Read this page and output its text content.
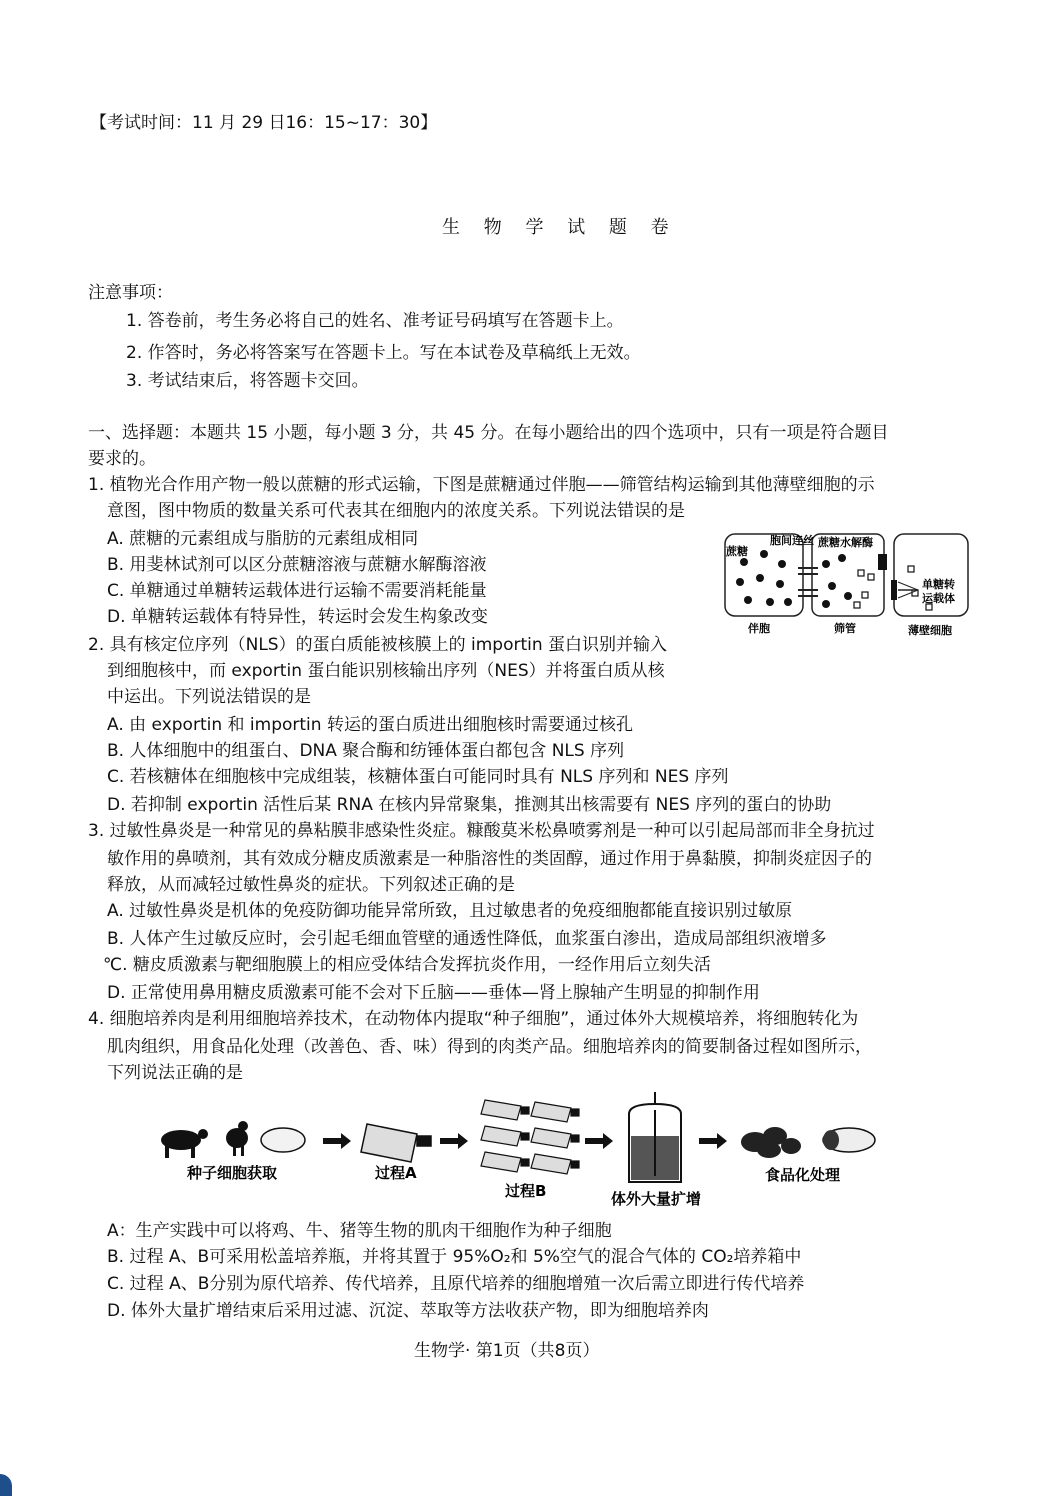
【考试时间：11 月 29 日16：15~17：30】
生 物 学 试 题 卷
注意事项：
1. 答卷前，考生务必将自己的姓名、准考证号码填写在答题卡上。
2. 作答时，务必将答案写在答题卡上。写在本试卷及草稿纸上无效。
3. 考试结束后，将答题卡交回。
一、选择题：本题共 15 小题，每小题 3 分，共 45 分。在每小题给出的四个选项中，只有一项是符合题目
要求的。
1. 植物光合作用产物一般以蔗糖的形式运输，下图是蔗糖通过伴胞——筛管结构运输到其他薄壁细胞的示
意图，图中物质的数量关系可代表其在细胞内的浓度关系。下列说法错误的是
A. 蔗糖的元素组成与脂肪的元素组成相同
B. 用斐林试剂可以区分蔗糖溶液与蔗糖水解酶溶液
C. 单糖通过单糖转运载体进行运输不需要消耗能量
D. 单糖转运载体有特异性，转运时会发生构象改变
蔗糖
胞间连丝 蔗糖水解酶
单糖转
运载体
伴胞	筛管	薄壁细胞
2. 具有核定位序列（NLS）的蛋白质能被核膜上的 importin 蛋白识别并输入
到细胞核中，而 exportin 蛋白能识别核输出序列（NES）并将蛋白质从核
中运出。下列说法错误的是
A. 由 exportin 和 importin 转运的蛋白质进出细胞核时需要通过核孔
B. 人体细胞中的组蛋白、DNA 聚合酶和纺锤体蛋白都包含 NLS 序列
C. 若核糖体在细胞核中完成组装，核糖体蛋白可能同时具有 NLS 序列和 NES 序列
D. 若抑制 exportin 活性后某 RNA 在核内异常聚集，推测其出核需要有 NES 序列的蛋白的协助
3. 过敏性鼻炎是一种常见的鼻粘膜非感染性炎症。糠酸莫米松鼻喷雾剂是一种可以引起局部而非全身抗过
敏作用的鼻喷剂，其有效成分糖皮质激素是一种脂溶性的类固醇，通过作用于鼻黏膜，抑制炎症因子的
释放，从而减轻过敏性鼻炎的症状。下列叙述正确的是
A. 过敏性鼻炎是机体的免疫防御功能异常所致，且过敏患者的免疫细胞都能直接识别过敏原
B. 人体产生过敏反应时，会引起毛细血管壁的通透性降低，血浆蛋白渗出，造成局部组织液增多
℃. 糖皮质激素与靶细胞膜上的相应受体结合发挥抗炎作用，一经作用后立刻失活
D. 正常使用鼻用糖皮质激素可能不会对下丘脑——垂体—肾上腺轴产生明显的抑制作用
4. 细胞培养肉是利用细胞培养技术，在动物体内提取“种子细胞”，通过体外大规模培养，将细胞转化为
肌肉组织，用食品化处理（改善色、香、味）得到的肉类产品。细胞培养肉的简要制备过程如图所示，
下列说法正确的是
种子细胞获取	过程A
过程B	体外大量扩增
食品化处理
A：生产实践中可以将鸡、牛、猪等生物的肌肉干细胞作为种子细胞
B. 过程 A、B可采用松盖培养瓶，并将其置于 95%O₂和 5%空气的混合气体的 CO₂培养箱中
C. 过程 A、B分别为原代培养、传代培养，且原代培养的细胞增殖一次后需立即进行传代培养
D. 体外大量扩增结束后采用过滤、沉淀、萃取等方法收获产物，即为细胞培养肉
生物学· 第1页（共8页）
